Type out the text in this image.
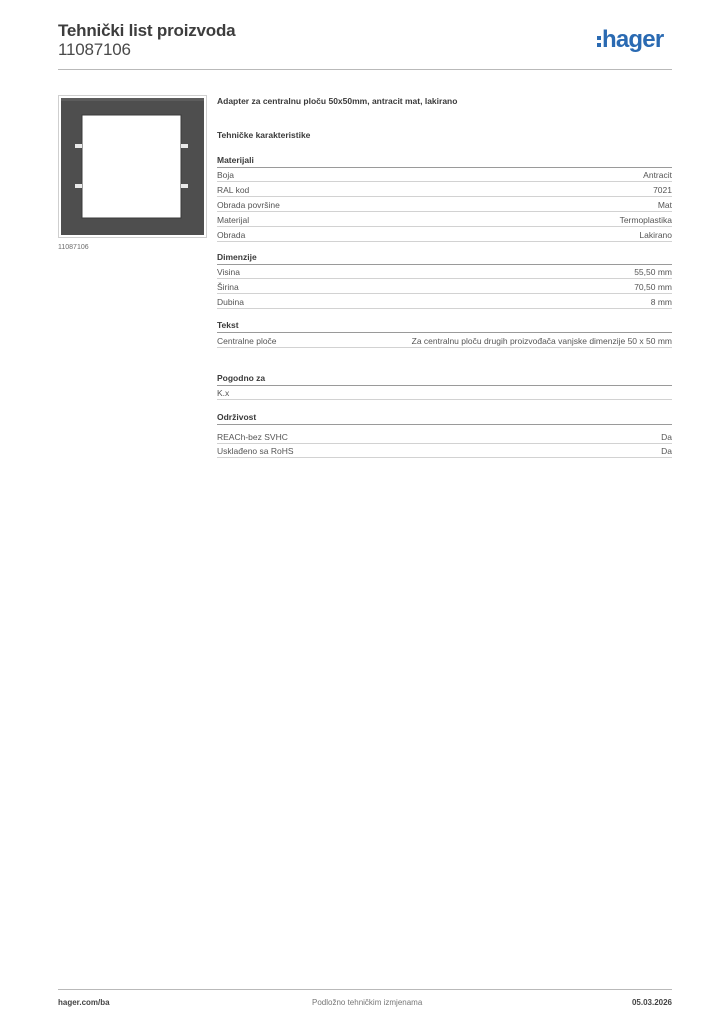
Tehnički list proizvoda
11087106	hager
11087106
Adapter za centralnu ploču 50x50mm, antracit mat, lakirano
Tehničke karakteristike
Materijali
Boja	Antracit
RAL kod	7021
Obrada površine	Mat
Materijal	Termoplastika
Obrada	Lakirano
Dimenzije
Visina	55,50 mm
Širina	70,50 mm
Dubina	8 mm
Tekst
Centralne ploče	Za centralnu ploču drugih proizvođača vanjske dimenzije 50 x 50 mm
Pogodno za
K.x
Održivost
REACh-bez SVHC	Da
Usklađeno sa RoHS	Da
hager.com/ba	Podložno tehničkim izmjenama	05.03.2026
